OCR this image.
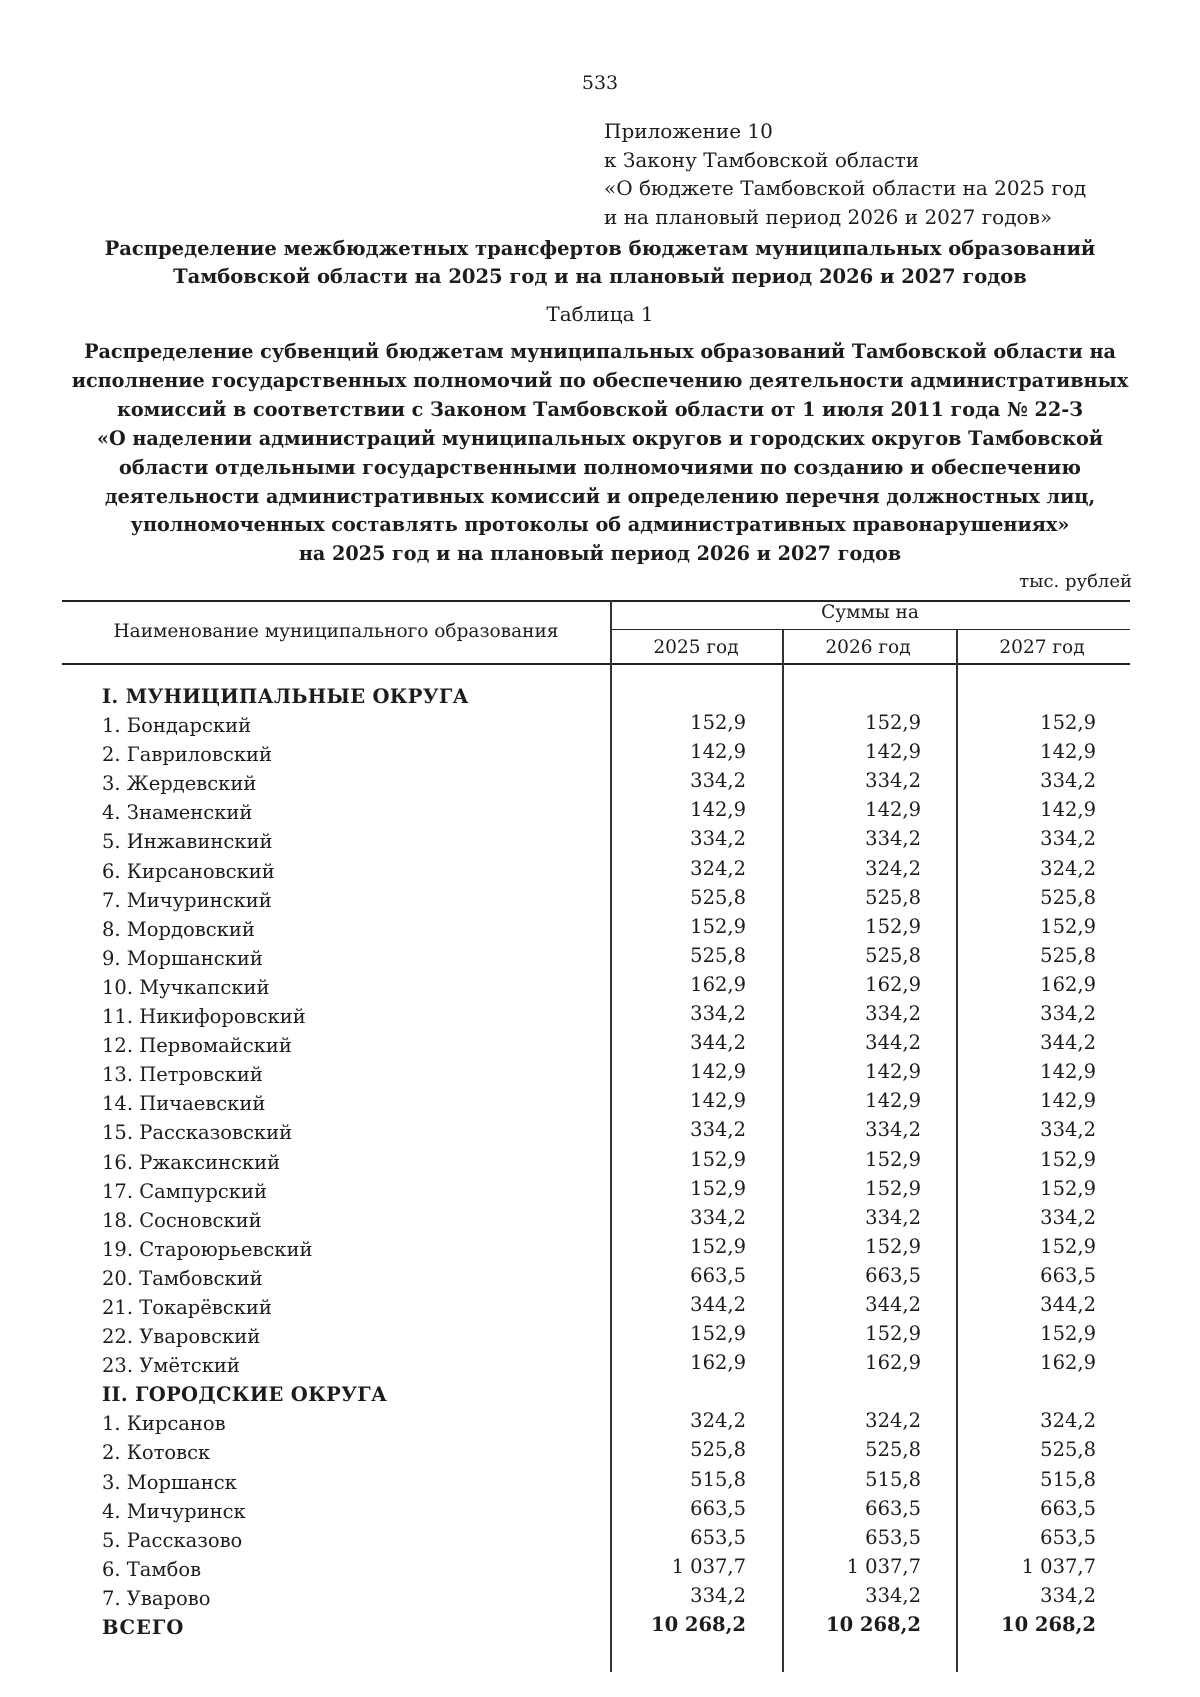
533
Приложение 10
к Закону Тамбовской области
«О бюджете Тамбовской области на 2025 год
и на плановый период 2026 и 2027 годов»
Распределение межбюджетных трансфертов бюджетам муниципальных образований
Тамбовской области на 2025 год и на плановый период 2026 и 2027 годов
Таблица 1
Распределение субвенций бюджетам муниципальных образований Тамбовской области на
исполнение государственных полномочий по обеспечению деятельности административных
комиссий в соответствии с Законом Тамбовской области от 1 июля 2011 года № 22-З
«О наделении администраций муниципальных округов и городских округов Тамбовской
области отдельными государственными полномочиями по созданию и обеспечению
деятельности административных комиссий и определению перечня должностных лиц,
уполномоченных составлять протоколы об административных правонарушениях»
на 2025 год и на плановый период 2026 и 2027 годов
тыс. рублей
Наименование муниципального образования
Суммы на
2025 год	2026 год	2027 год
I. МУНИЦИПАЛЬНЫЕ ОКРУГА
1. Бондарский	152,9	152,9	152,9
2. Гавриловский	142,9	142,9	142,9
3. Жердевский	334,2	334,2	334,2
4. Знаменский	142,9	142,9	142,9
5. Инжавинский	334,2	334,2	334,2
6. Кирсановский	324,2	324,2	324,2
7. Мичуринский	525,8	525,8	525,8
8. Мордовский	152,9	152,9	152,9
9. Моршанский	525,8	525,8	525,8
10. Мучкапский	162,9	162,9	162,9
11. Никифоровский	334,2	334,2	334,2
12. Первомайский	344,2	344,2	344,2
13. Петровский	142,9	142,9	142,9
14. Пичаевский	142,9	142,9	142,9
15. Рассказовский	334,2	334,2	334,2
16. Ржаксинский	152,9	152,9	152,9
17. Сампурский	152,9	152,9	152,9
18. Сосновский	334,2	334,2	334,2
19. Староюрьевский	152,9	152,9	152,9
20. Тамбовский	663,5	663,5	663,5
21. Токарёвский	344,2	344,2	344,2
22. Уваровский	152,9	152,9	152,9
23. Умётский	162,9	162,9	162,9
II. ГОРОДСКИЕ ОКРУГА
1. Кирсанов	324,2	324,2	324,2
2. Котовск	525,8	525,8	525,8
3. Моршанск	515,8	515,8	515,8
4. Мичуринск	663,5	663,5	663,5
5. Рассказово	653,5	653,5	653,5
6. Тамбов	1 037,7	1 037,7	1 037,7
7. Уварово	334,2	334,2	334,2
ВСЕГО	10 268,2	10 268,2	10 268,2
